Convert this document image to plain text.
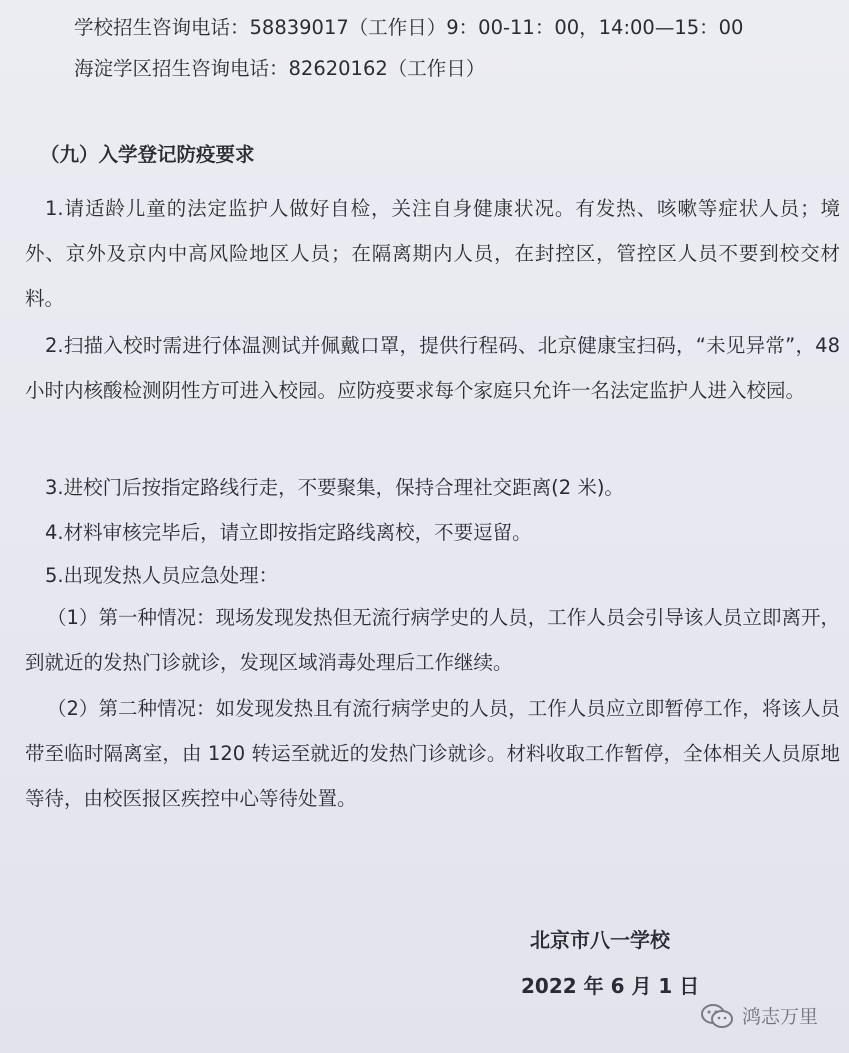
学校招生咨询电话：58839017（工作日）9：00-11：00，14:00—15：00
海淀学区招生咨询电话：82620162（工作日）
（九）入学登记防疫要求
1.请适龄儿童的法定监护人做好自检，关注自身健康状况。有发热、咳嗽等症状人员；境外、京外及京内中高风险地区人员；在隔离期内人员，在封控区，管控区人员不要到校交材料。
2.扫描入校时需进行体温测试并佩戴口罩，提供行程码、北京健康宝扫码，“未见异常”，48 小时内核酸检测阴性方可进入校园。应防疫要求每个家庭只允许一名法定监护人进入校园。
3.进校门后按指定路线行走，不要聚集，保持合理社交距离(2 米)。
4.材料审核完毕后，请立即按指定路线离校，不要逗留。
5.出现发热人员应急处理：
（1）第一种情况：现场发现发热但无流行病学史的人员，工作人员会引导该人员立即离开，到就近的发热门诊就诊，发现区域消毒处理后工作继续。
（2）第二种情况：如发现发热且有流行病学史的人员，工作人员应立即暂停工作，将该人员带至临时隔离室，由 120 转运至就近的发热门诊就诊。材料收取工作暂停，全体相关人员原地等待，由校医报区疾控中心等待处置。
北京市八一学校
2022 年 6 月 1 日
鸿志万里
